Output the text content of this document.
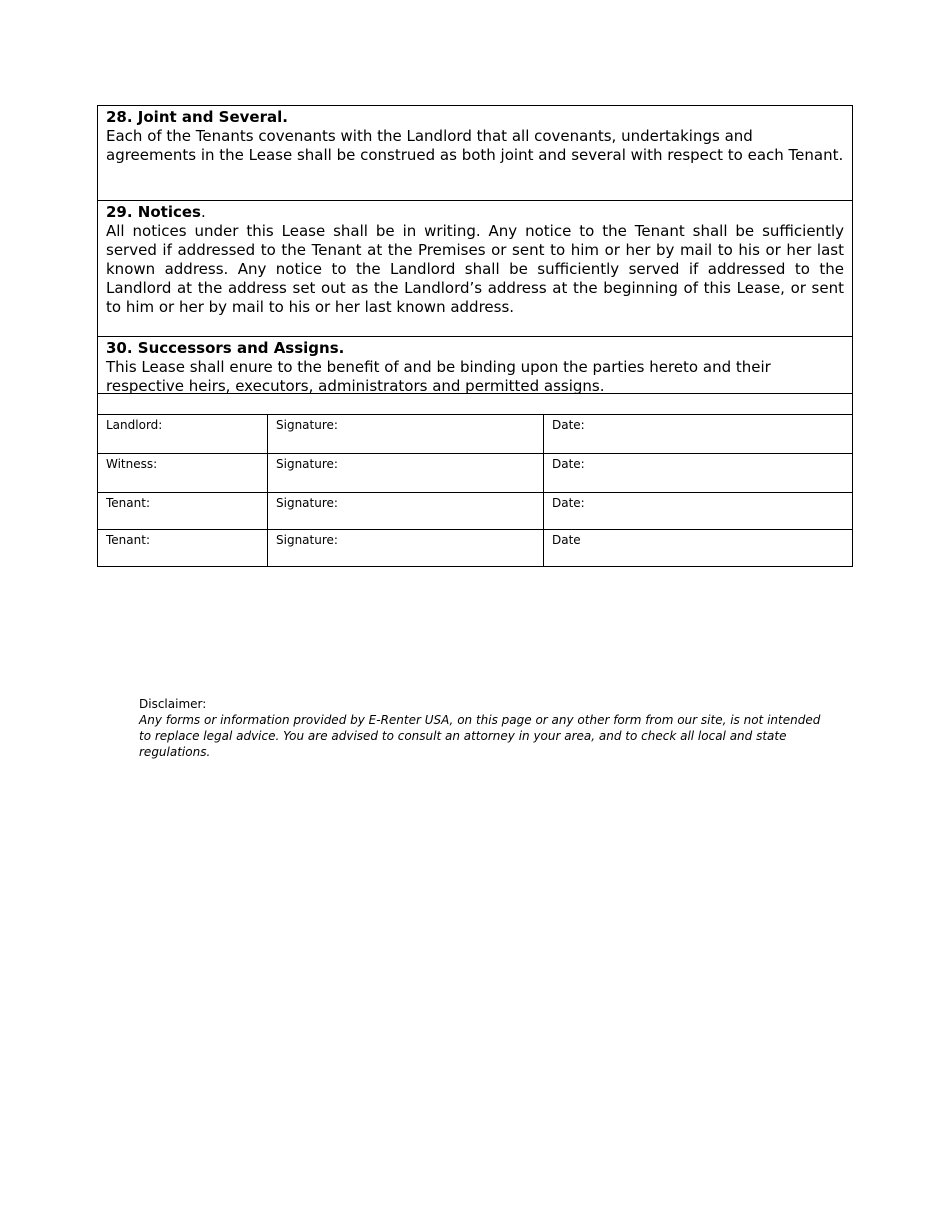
28. Joint and Several.
Each of the Tenants covenants with the Landlord that all covenants, undertakings and agreements in the Lease shall be construed as both joint and several with respect to each Tenant.
29. Notices.
All notices under this Lease shall be in writing. Any notice to the Tenant shall be sufficiently served if addressed to the Tenant at the Premises or sent to him or her by mail to his or her last known address. Any notice to the Landlord shall be sufficiently served if addressed to the Landlord at the address set out as the Landlord’s address at the beginning of this Lease, or sent to him or her by mail to his or her last known address.
30. Successors and Assigns.
This Lease shall enure to the benefit of and be binding upon the parties hereto and their respective heirs, executors, administrators and permitted assigns.
Landlord:	Signature:	Date:
Witness:	Signature:	Date:
Tenant:	Signature:	Date:
Tenant:	Signature:	Date
Disclaimer:
Any forms or information provided by E-Renter USA, on this page or any other form from our site, is not intended to replace legal advice. You are advised to consult an attorney in your area, and to check all local and state regulations.
